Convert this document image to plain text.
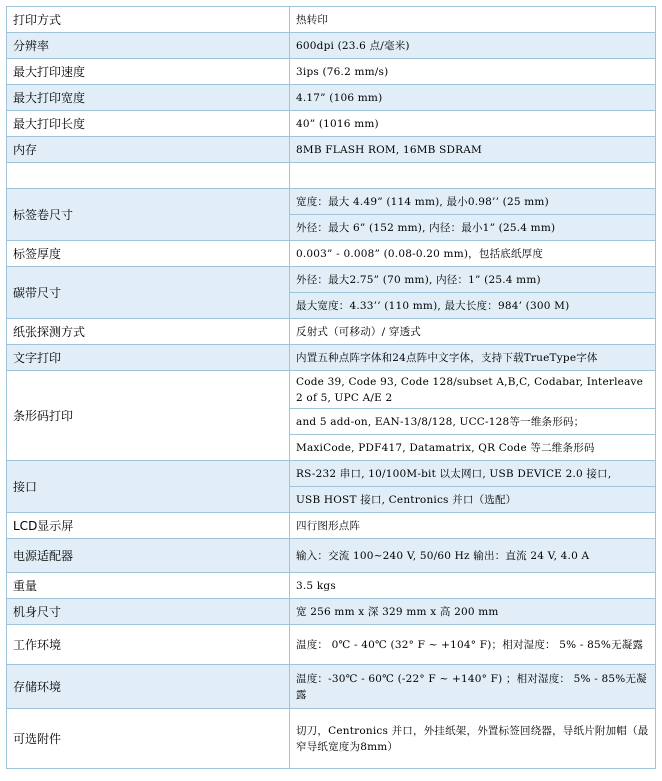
打印方式	热转印
分辨率	600dpi (23.6 点/毫米)
最大打印速度	3ips (76.2 mm/s)
最大打印宽度	4.17” (106 mm)
最大打印长度	40” (1016 mm)
内存	8MB FLASH ROM, 16MB SDRAM

标签卷尺寸	宽度：最大 4.49” (114 mm), 最小0.98’’ (25 mm)
	外径：最大 6” (152 mm), 内径：最小1” (25.4 mm)
标签厚度	0.003” - 0.008” (0.08-0.20 mm)，包括底纸厚度
碳带尺寸	外径：最大2.75” (70 mm), 内径：1” (25.4 mm)
	最大宽度：4.33’’ (110 mm), 最大长度：984’ (300 M)
纸张探测方式	反射式（可移动）/ 穿透式
文字打印	内置五种点阵字体和24点阵中文字体，支持下载TrueType字体
条形码打印	Code 39, Code 93, Code 128/subset A,B,C, Codabar, Interleave 2 of 5, UPC A/E 2
	and 5 add-on, EAN-13/8/128, UCC-128等一维条形码；
	MaxiCode, PDF417, Datamatrix, QR Code 等二维条形码
接口	RS-232 串口, 10/100M-bit 以太网口, USB DEVICE 2.0 接口,
	USB HOST 接口, Centronics 并口（选配）
LCD显示屏	四行图形点阵
电源适配器	输入：交流 100~240 V, 50/60 Hz 输出：直流 24 V, 4.0 A
重量	3.5 kgs
机身尺寸	宽 256 mm x 深 329 mm x 高 200 mm
工作环境	温度： 0℃ - 40℃ (32° F ~ +104° F)；相对湿度： 5% - 85%无凝露
存储环境	温度：-30℃ - 60℃ (-22° F ~ +140° F) ；相对湿度： 5% - 85%无凝露
可选附件	切刀，Centronics 并口，外挂纸架，外置标签回绕器，导纸片附加帽（最窄导纸宽度为8mm）
